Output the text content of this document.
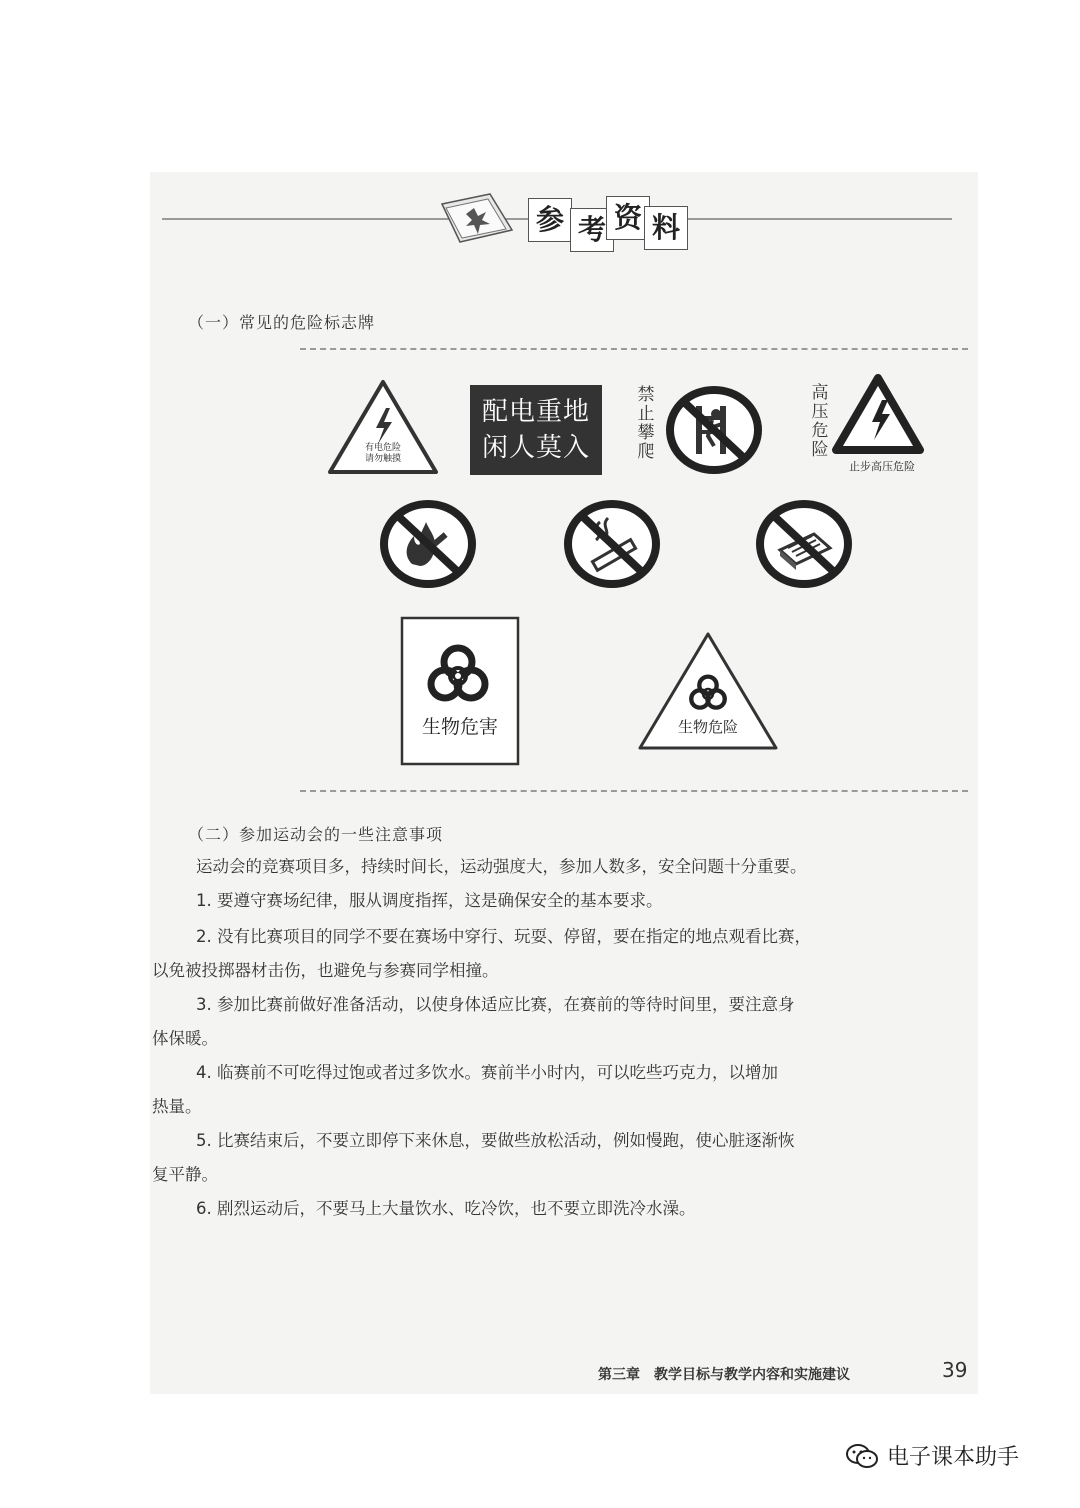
参 考 资 料
（一）常见的危险标志牌
有电危险
请勿触摸
配电重地
闲人莫入
禁
止
攀
爬
高
压
危
险
止步高压危险
生物危害	生物危险
（二）参加运动会的一些注意事项
运动会的竞赛项目多，持续时间长，运动强度大，参加人数多，安全问题十分重要。
1. 要遵守赛场纪律，服从调度指挥，这是确保安全的基本要求。
2. 没有比赛项目的同学不要在赛场中穿行、玩耍、停留，要在指定的地点观看比赛，
以免被投掷器材击伤，也避免与参赛同学相撞。
3. 参加比赛前做好准备活动，以使身体适应比赛，在赛前的等待时间里，要注意身
体保暖。
4. 临赛前不可吃得过饱或者过多饮水。赛前半小时内，可以吃些巧克力，以增加
热量。
5. 比赛结束后，不要立即停下来休息，要做些放松活动，例如慢跑，使心脏逐渐恢
复平静。
6. 剧烈运动后，不要马上大量饮水、吃冷饮，也不要立即洗冷水澡。
第三章　教学目标与教学内容和实施建议	39
电子课本助手
